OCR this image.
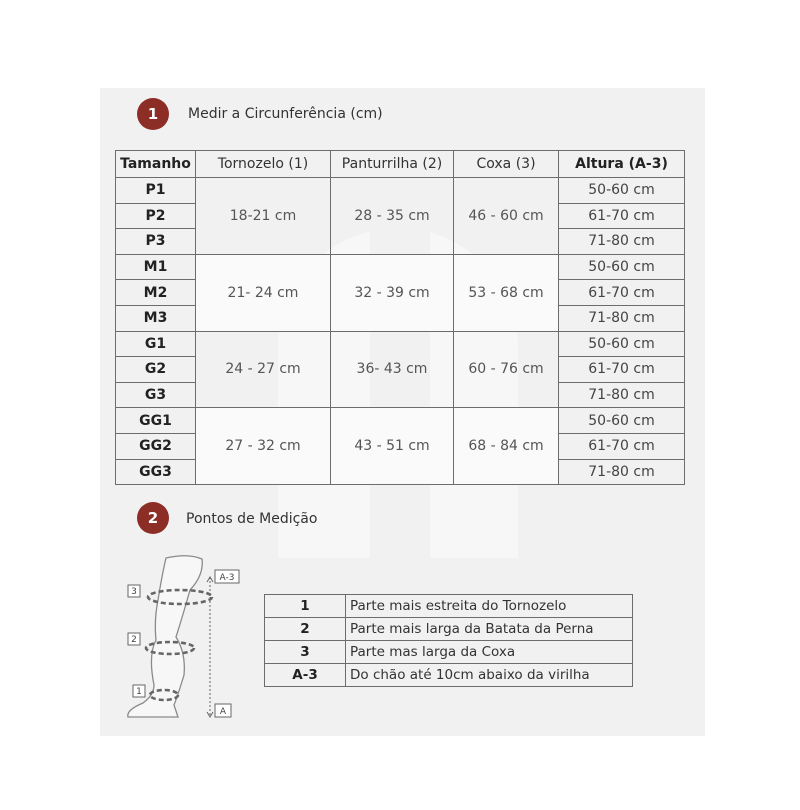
1	Medir a Circunferência (cm)
Tamanho	Tornozelo (1)	Panturrilha (2)	Coxa (3)	Altura (A-3)
P1	18-21 cm	28 - 35 cm	46 - 60 cm	50-60 cm
P2				61-70 cm
P3				71-80 cm
M1	21- 24 cm	32 - 39 cm	53 - 68 cm	50-60 cm
M2				61-70 cm
M3				71-80 cm
G1	24 - 27 cm	36- 43 cm	60 - 76 cm	50-60 cm
G2				61-70 cm
G3				71-80 cm
GG1	27 - 32 cm	43 - 51 cm	68 - 84 cm	50-60 cm
GG2				61-70 cm
GG3				71-80 cm
2	Pontos de Medição
3
2
1
A-3
A
1	Parte mais estreita do Tornozelo
2	Parte mais larga da Batata da Perna
3	Parte mas larga da Coxa
A-3	Do chão até 10cm abaixo da virilha
